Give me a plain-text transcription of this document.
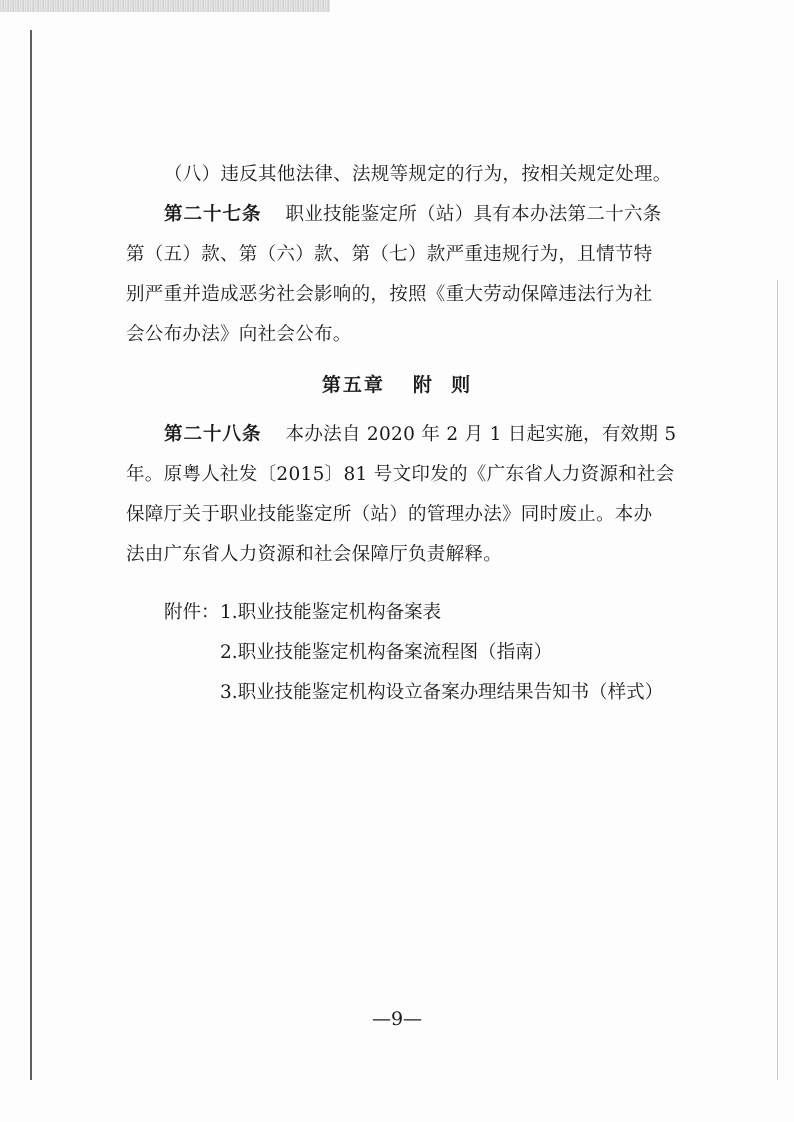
（八）违反其他法律、法规等规定的行为，按相关规定处理。
第二十七条 职业技能鉴定所（站）具有本办法第二十六条
第（五）款、第（六）款、第（七）款严重违规行为，且情节特
别严重并造成恶劣社会影响的，按照《重大劳动保障违法行为社
会公布办法》向社会公布。
第五章 附  则
第二十八条 本办法自 2020 年 2 月 1 日起实施，有效期 5
年。原粤人社发〔2015〕81 号文印发的《广东省人力资源和社会
保障厅关于职业技能鉴定所（站）的管理办法》同时废止。本办
法由广东省人力资源和社会保障厅负责解释。
附件： 1.职业技能鉴定机构备案表
2.职业技能鉴定机构备案流程图（指南）
3.职业技能鉴定机构设立备案办理结果告知书（样式）
—9—
